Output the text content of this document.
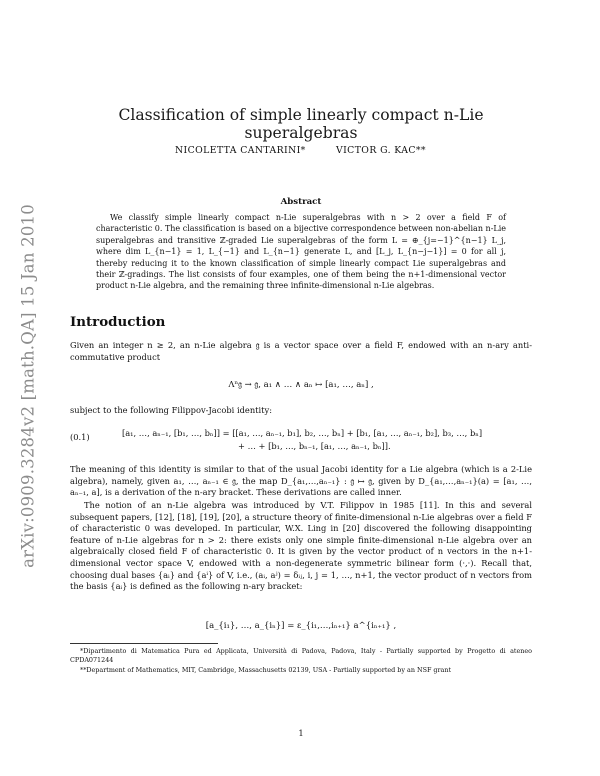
arXiv:0909.3284v2 [math.QA] 15 Jan 2010
Classification of simple linearly compact n-Lie superalgebras
NICOLETTA CANTARINI*	VICTOR G. KAC**
Abstract
We classify simple linearly compact n-Lie superalgebras with n > 2 over a field F of characteristic 0. The classification is based on a bijective correspondence between non-abelian n-Lie superalgebras and transitive ℤ-graded Lie superalgebras of the form L = ⊕_{j=−1}^{n−1} L_j, where dim L_{n−1} = 1, L_{−1} and L_{n−1} generate L, and [L_j, L_{n−j−1}] = 0 for all j, thereby reducing it to the known classification of simple linearly compact Lie superalgebras and their ℤ-gradings. The list consists of four examples, one of them being the n+1-dimensional vector product n-Lie algebra, and the remaining three infinite-dimensional n-Lie algebras.
Introduction
Given an integer n ≥ 2, an n-Lie algebra 𝔤 is a vector space over a field F, endowed with an n-ary anti-commutative product
Λⁿ𝔤 → 𝔤, a₁ ∧ … ∧ aₙ ↦ [a₁, …, aₙ] ,
subject to the following Filippov-Jacobi identity:
(0.1)	[a₁, …, aₙ₋₁, [b₁, …, bₙ]] = [[a₁, …, aₙ₋₁, b₁], b₂, …, bₙ] + [b₁, [a₁, …, aₙ₋₁, b₂], b₃, …, bₙ]
+ … + [b₁, …, bₙ₋₁, [a₁, …, aₙ₋₁, bₙ]].
The meaning of this identity is similar to that of the usual Jacobi identity for a Lie algebra (which is a 2-Lie algebra), namely, given a₁, …, aₙ₋₁ ∈ 𝔤, the map D_{a₁,…,aₙ₋₁} : 𝔤 ↦ 𝔤, given by D_{a₁,…,aₙ₋₁}(a) = [a₁, …, aₙ₋₁, a], is a derivation of the n-ary bracket. These derivations are called inner.
The notion of an n-Lie algebra was introduced by V.T. Filippov in 1985 [11]. In this and several subsequent papers, [12], [18], [19], [20], a structure theory of finite-dimensional n-Lie algebras over a field F of characteristic 0 was developed. In particular, W.X. Ling in [20] discovered the following disappointing feature of n-Lie algebras for n > 2: there exists only one simple finite-dimensional n-Lie algebra over an algebraically closed field F of characteristic 0. It is given by the vector product of n vectors in the n+1-dimensional vector space V, endowed with a non-degenerate symmetric bilinear form (·,·). Recall that, choosing dual bases {aᵢ} and {aⁱ} of V, i.e., (aᵢ, aʲ) = δᵢⱼ, i, j = 1, …, n+1, the vector product of n vectors from the basis {aᵢ} is defined as the following n-ary bracket:
[a_{i₁}, …, a_{iₙ}] = ε_{i₁,…,iₙ₊₁} a^{iₙ₊₁} ,
*Dipartimento di Matematica Pura ed Applicata, Università di Padova, Padova, Italy - Partially supported by Progetto di ateneo CPDA071244
**Department of Mathematics, MIT, Cambridge, Massachusetts 02139, USA - Partially supported by an NSF grant
1
